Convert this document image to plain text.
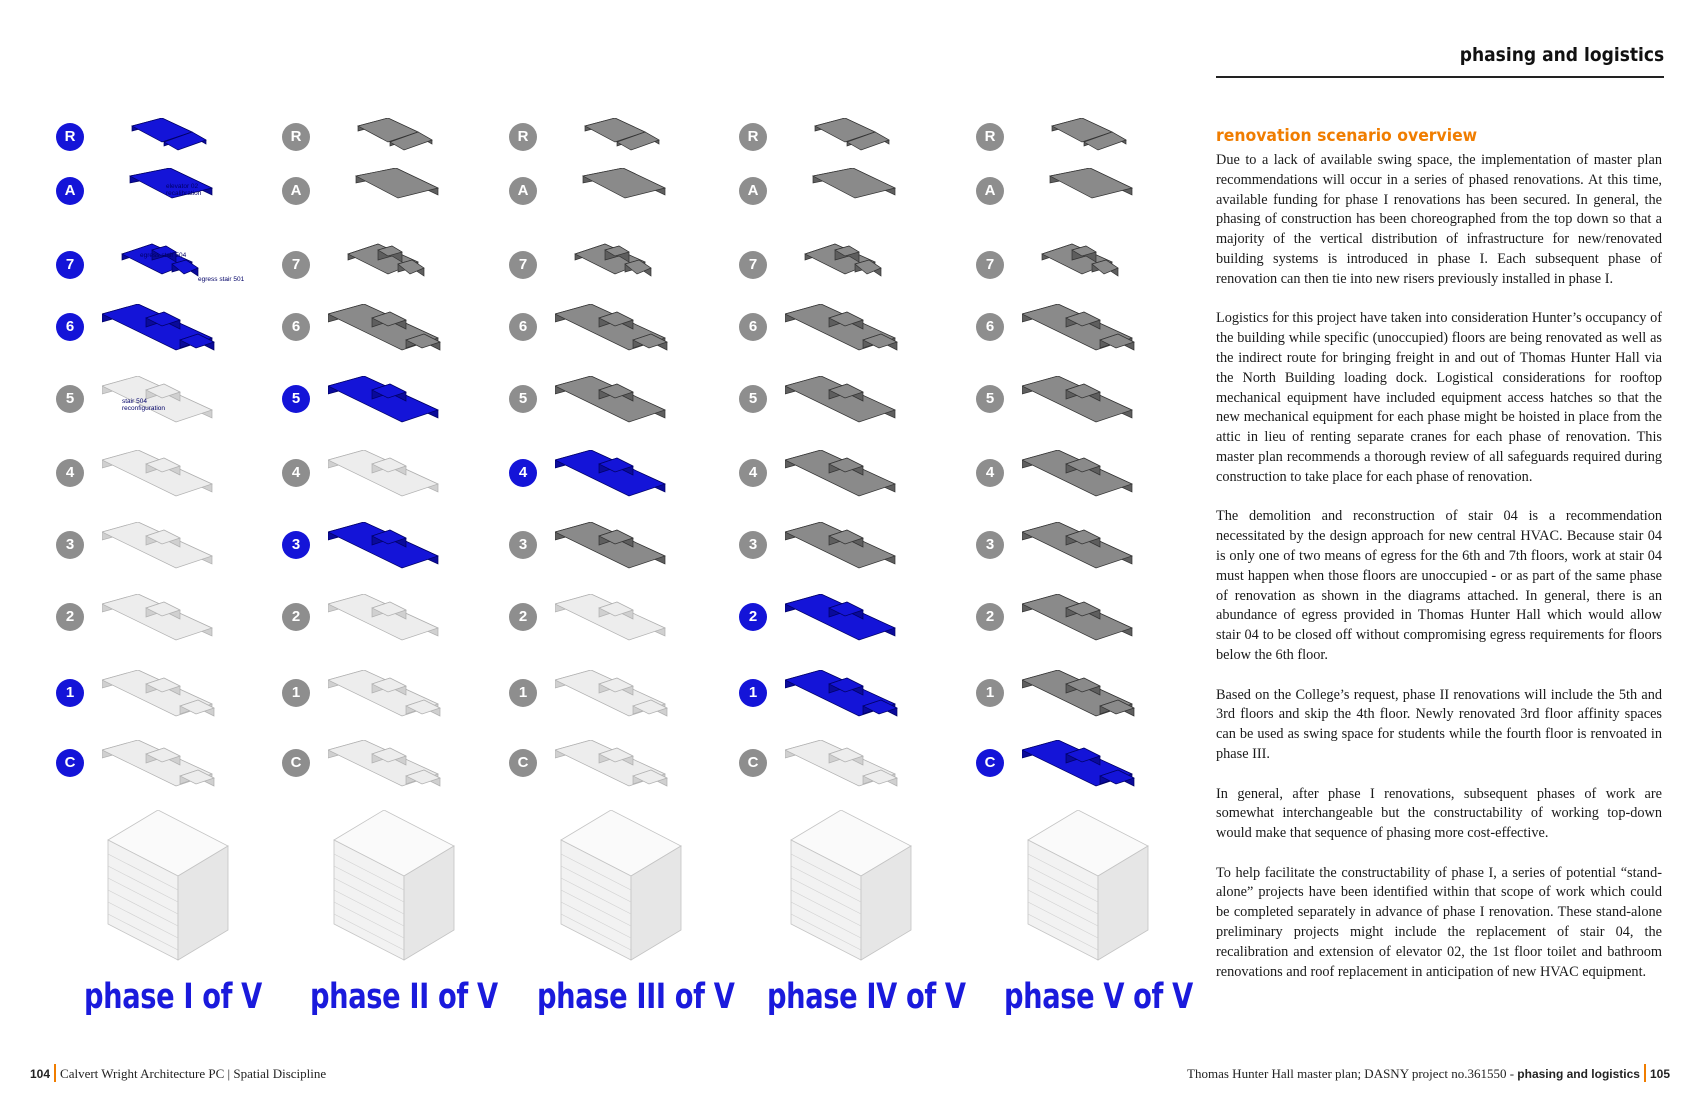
phasing and logistics
R
A
7
6
5
4
3
2
1
C
R
A
7
6
5
4
3
2
1
C
R
A
7
6
5
4
3
2
1
C
R
A
7
6
5
4
3
2
1
C
R
A
7
6
5
4
3
2
1
C
renovation scenario overview

Due to a lack of available swing space, the implementation of master plan recommendations will occur in a series of phased renovations. At this time, available funding for phase I renovations has been secured. In general, the phasing of construction has been choreographed from the top down so that a majority of the vertical distribution of infrastructure for new/renovated building systems is introduced in phase I. Each subsequent phase of renovation can then tie into new risers previously installed in phase I.

Logistics for this project have taken into consideration Hunter’s occupancy of the building while specific (unoccupied) floors are being renovated as well as the indirect route for bringing freight in and out of Thomas Hunter Hall via the North Building loading dock. Logistical considerations for rooftop mechanical equipment have included equipment access hatches so that the new mechanical equipment for each phase might be hoisted in place from the attic in lieu of renting separate cranes for each phase of renovation. This master plan recommends a thorough review of all safeguards required during construction to take place for each phase of renovation.

The demolition and reconstruction of stair 04 is a recommendation necessitated by the design approach for new central HVAC. Because stair 04 is only one of two means of egress for the 6th and 7th floors, work at stair 04 must happen when those floors are unoccupied - or as part of the same phase of renovation as shown in the diagrams attached. In general, there is an abundance of egress provided in Thomas Hunter Hall which would allow stair 04 to be closed off without compromising egress requirements for floors below the 6th floor.

Based on the College’s request, phase II renovations will include the 5th and 3rd floors and skip the 4th floor. Newly renovated 3rd floor affinity spaces can be used as swing space for students while the fourth floor is renvoated in phase III.

In general, after phase I renovations, subsequent phases of work are somewhat interchangeable but the constructability of working top-down would make that sequence of phasing more cost-effective.

To help facilitate the constructability of phase I, a series of potential “stand-alone” projects have been identified within that scope of work which could be completed separately in advance of phase I renovation. These stand-alone preliminary projects might include the replacement of stair 04, the recalibration and extension of elevator 02, the 1st floor toilet and bathroom renovations and roof replacement in anticipation of new HVAC equipment.

104 Calvert Wright Architecture PC | Spatial Discipline	Thomas Hunter Hall master plan; DASNY project no.361550 - phasing and logistics 105
phase I of V phase II of V phase III of V phase IV of V phase V of V
elevator 02 recalibration
egress stair 504
egress stair 501
stair 504 reconfiguration
